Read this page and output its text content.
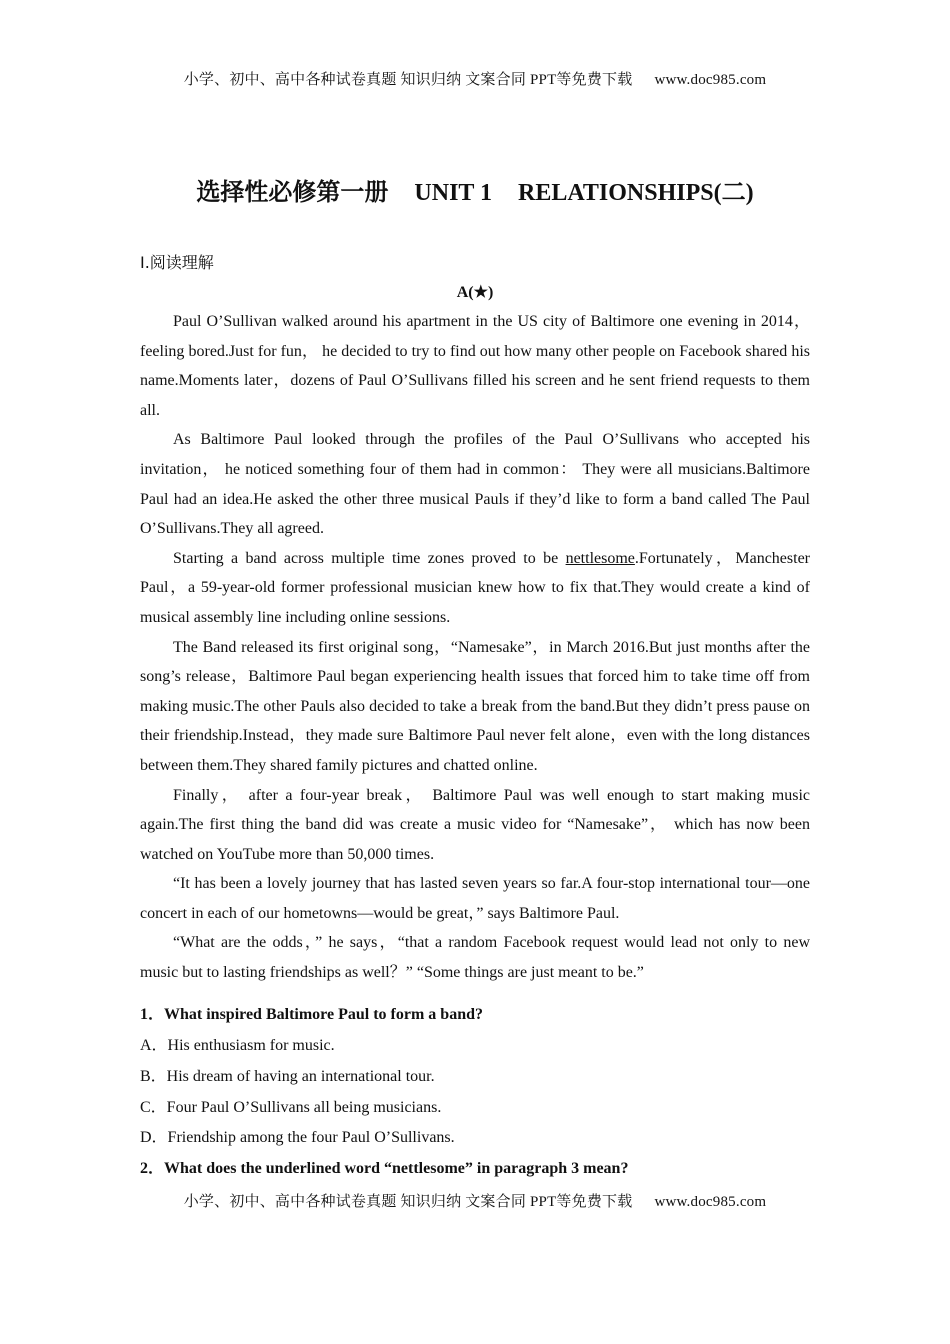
小学、初中、高中各种试卷真题 知识归纳 文案合同 PPT等免费下载 www.doc985.com
选择性必修第一册 UNIT 1 RELATIONSHIPS(二)
Ⅰ.阅读理解
A(★)

Paul O’Sullivan walked around his apartment in the US city of Baltimore one evening in 2014， feeling bored.Just for fun， he decided to try to find out how many other people on Facebook shared his name.Moments later，dozens of Paul O’Sullivans filled his screen and he sent friend requests to them all.

As Baltimore Paul looked through the profiles of the Paul O’Sullivans who accepted his invitation， he noticed something four of them had in common： They were all musicians.Baltimore Paul had an idea.He asked the other three musical Pauls if they’d like to form a band called The Paul O’Sullivans.They all agreed.

Starting a band across multiple time zones proved to be nettlesome.Fortunately，Manchester Paul，a 59-year-old former professional musician knew how to fix that.They would create a kind of musical assembly line including online sessions.

The Band released its first original song，“Namesake”，in March 2016.But just months after the song’s release，Baltimore Paul began experiencing health issues that forced him to take time off from making music.The other Pauls also decided to take a break from the band.But they didn’t press pause on their friendship.Instead，they made sure Baltimore Paul never felt alone，even with the long distances between them.They shared family pictures and chatted online.

Finally， after a four-year break， Baltimore Paul was well enough to start making music again.The first thing the band did was create a music video for “Namesake”， which has now been watched on YouTube more than 50,000 times.

“It has been a lovely journey that has lasted seven years so far.A four-stop international tour—one concert in each of our hometowns—would be great，” says Baltimore Paul.

“What are the odds，” he says，“that a random Facebook request would lead not only to new music but to lasting friendships as well？” “Some things are just meant to be.”

1．What inspired Baltimore Paul to form a band?
A．His enthusiasm for music.
B．His dream of having an international tour.
C．Four Paul O’Sullivans all being musicians.
D．Friendship among the four Paul O’Sullivans.
2．What does the underlined word “nettlesome” in paragraph 3 mean?
小学、初中、高中各种试卷真题 知识归纳 文案合同 PPT等免费下载 www.doc985.com
